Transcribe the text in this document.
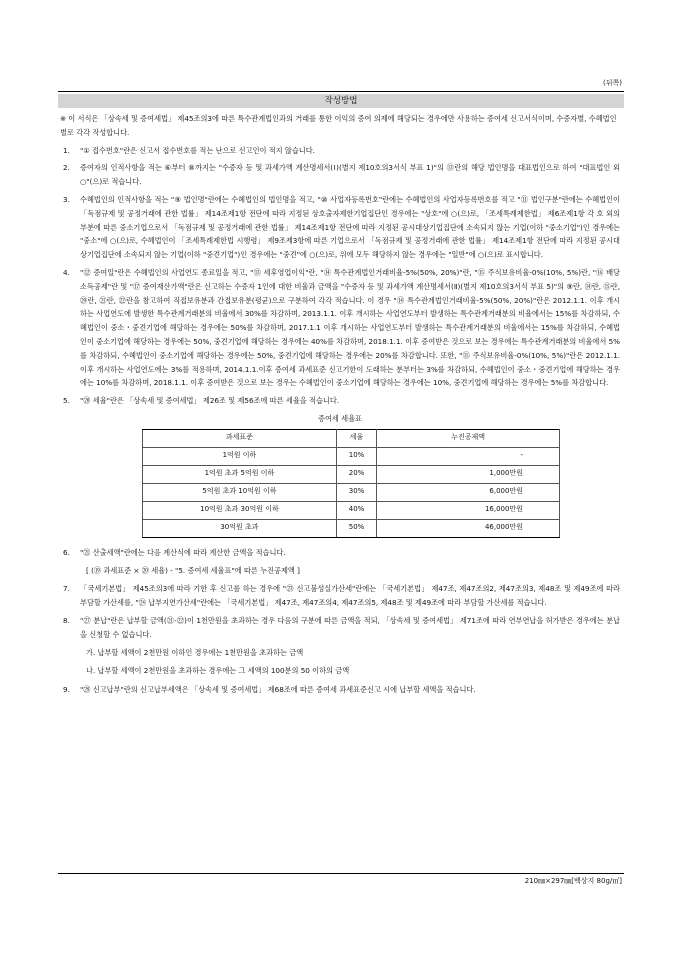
(뒤쪽)
작성방법

※ 이 서식은 「상속세 및 증여세법」 제45조의3에 따른 특수관계법인과의 거래를 통한 이익의 증여 의제에 해당되는 경우에만 사용하는 증여세 신고서식이며, 수증자별, 수혜법인별로 각각 작성합니다.

1.	"① 접수번호"란은 신고서 접수번호를 적는 난으로 신고인이 적지 않습니다.
2.	증여자의 인적사항을 적는 ⑥부터 ⑧까지는 "수증자 등 및 과세가액 계산명세서(Ⅰ)(별지 제10호의3서식 부표 1)"의 ⑬란의 해당 법인명을 대표법인으로 하여 "대표법인 외 ○"(으)로 적습니다.
3.	수혜법인의 인적사항을 적는 "⑨ 법인명"란에는 수혜법인의 법인명을 적고, "⑩ 사업자등록번호"란에는 수혜법인의 사업자등록번호를 적고 "⑪ 법인구분"란에는 수혜법인이 「독점규제 및 공정거래에 관한 법률」 제14조제1항 전단에 따라 지정된 상호출자제한기업집단인 경우에는 "상호"에 ○(으)로, 「조세특례제한법」 제6조제1항 각 호 외의 부분에 따른 중소기업으로서 「독점규제 및 공정거래에 관한 법률」 제14조제1항 전단에 따라 지정된 공시대상기업집단에 소속되지 않는 기업(이하 "중소기업")인 경우에는 "중소"에 ○(으)로, 수혜법인이 「조세특례제한법 시행령」 제9조제3항에 따른 기업으로서 「독점규제 및 공정거래에 관한 법률」 제14조제1항 전단에 따라 지정된 공시대상기업집단에 소속되지 않는 기업(이하 "중견기업")인 경우에는 "중견"에 ○(으)로, 위에 모두 해당하지 않는 경우에는 "일반"에 ○(으)로 표시합니다.
4.	"⑫ 증여일"란은 수혜법인의 사업연도 종료일을 적고, "⑬ 세후영업이익"란, "⑭ 특수관계법인거래비율-5%(50%, 20%)"란, "⑮ 주식보유비율-0%(10%, 5%)란, "⑯ 배당소득공제"란 및 "⑰ 증여재산가액"란은 신고하는 수증자 1인에 대한 비율과 금액을 "수증자 등 및 과세가액 계산명세서(Ⅱ)(별지 제10호의3서식 부표 5)"의 ⑨란, ⑭란, ⑮란, ⑳란, ㉑란, ㉒란을 참고하여 직접보유분과 간접보유분(평균)으로 구분하여 각각 적습니다. 이 경우 "⑭ 특수관계법인거래비율-5%(50%, 20%)"란은 2012.1.1. 이후 개시하는 사업연도에 발생한 특수관계거래분의 비율에서 30%를 차감하며, 2013.1.1. 이후 개시하는 사업연도부터 발생하는 특수관계거래분의 비율에서는 15%를 차감하되, 수혜법인이 중소・중견기업에 해당하는 경우에는 50%를 차감하며, 2017.1.1 이후 개시하는 사업연도부터 발생하는 특수관계거래분의 비율에서는 15%를 차감하되, 수혜법인이 중소기업에 해당하는 경우에는 50%, 중견기업에 해당하는 경우에는 40%를 차감하며, 2018.1.1. 이후 증여받은 것으로 보는 경우에는 특수관계거래분의 비율에서 5%를 차감하되, 수혜법인이 중소기업에 해당하는 경우에는 50%, 중견기업에 해당하는 경우에는 20%를 차감합니다. 또한, "⑮ 주식보유비율-0%(10%, 5%)"란은 2012.1.1. 이후 개시하는 사업연도에는 3%를 적용하며, 2014.1.1.이후 증여세 과세표준 신고기한이 도래하는 분부터는 3%를 차감하되, 수혜법인이 중소・중견기업에 해당하는 경우에는 10%를 차감하며, 2018.1.1. 이후 증여받은 것으로 보는 경우는 수혜법인이 중소기업에 해당하는 경우에는 10%, 중견기업에 해당하는 경우에는 5%를 차감합니다.
5.	"⑳ 세율"란은 「상속세 및 증여세법」 제26조 및 제56조에 따른 세율을 적습니다.
증여세 세율표
과세표준	세율	누진공제액
1억원 이하	10%	-
1억원 초과 5억원 이하	20%	1,000만원
5억원 초과 10억원 이하	30%	6,000만원
10억원 초과 30억원 이하	40%	16,000만원
30억원 초과	50%	46,000만원
6.	"㉑ 산출세액"란에는 다음 계산식에 따라 계산한 금액을 적습니다.
[ (⑲ 과세표준 × ⑳ 세율) - "5. 증여세 세율표"에 따른 누진공제액 ]
7.	「국세기본법」 제45조의3에 따라 기한 후 신고를 하는 경우에 "㉓ 신고불성실가산세"란에는 「국세기본법」 제47조, 제47조의2, 제47조의3, 제48조 및 제49조에 따라 부담할 가산세를, "㉔ 납부지연가산세"란에는 「국세기본법」 제47조, 제47조의4, 제47조의5, 제48조 및 제49조에 따라 부담할 가산세를 적습니다.
8.	"㉗ 분납"란은 납부할 금액(㉑-㉒)이 1천만원을 초과하는 경우 다음의 구분에 따른 금액을 적되, 「상속세 및 증여세법」 제71조에 따라 연부연납을 허가받은 경우에는 분납을 신청할 수 없습니다.
가. 납부할 세액이 2천만원 이하인 경우에는 1천만원을 초과하는 금액
나. 납부할 세액이 2천만원을 초과하는 경우에는 그 세액의 100분의 50 이하의 금액
9.	"㉘ 신고납부"란의 신고납부세액은 「상속세 및 증여세법」 제68조에 따른 증여세 과세표준신고 시에 납부할 세액을 적습니다.
210㎜×297㎜[백상지 80g/㎡]
